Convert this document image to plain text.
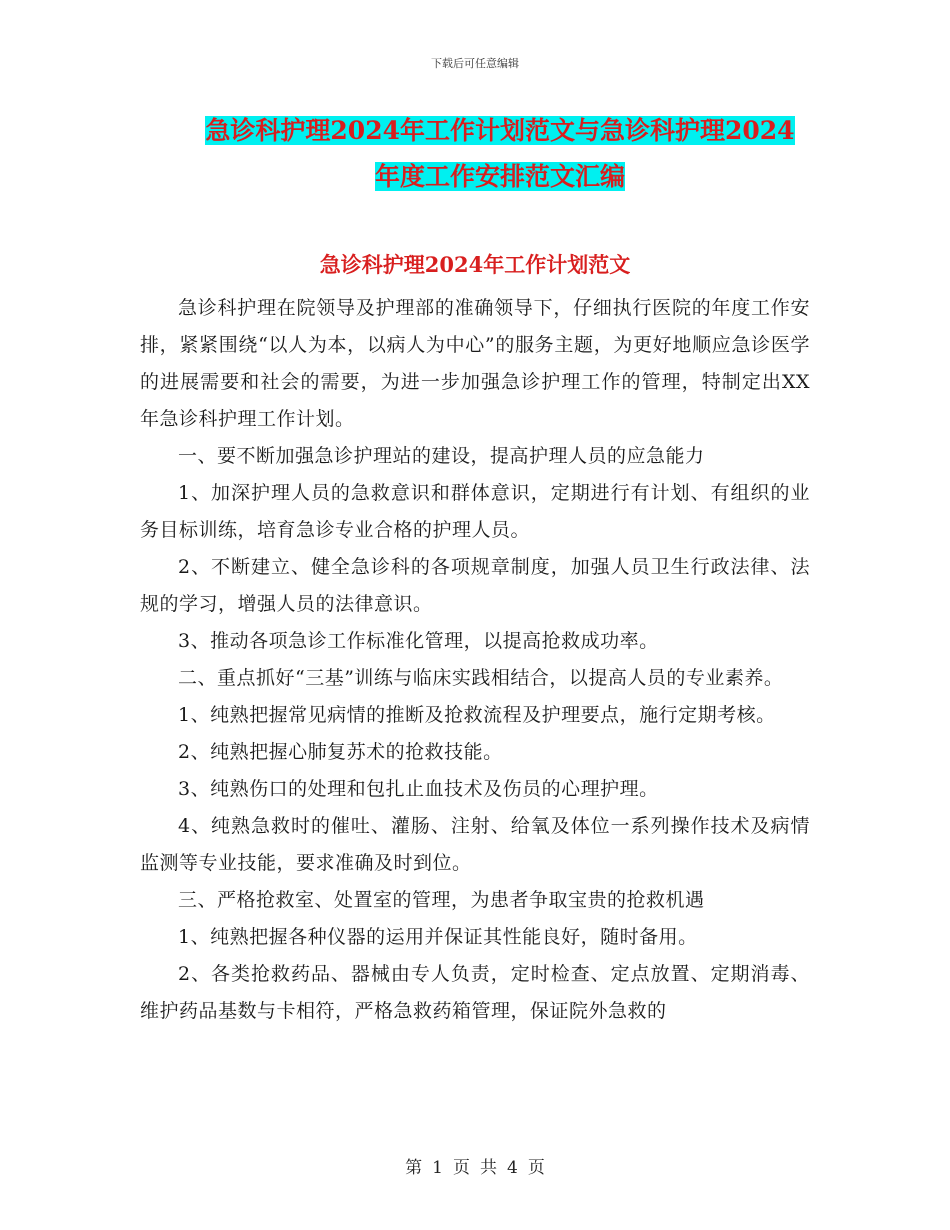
下载后可任意编辑
急诊科护理2024年工作计划范文与急诊科护理2024
年度工作安排范文汇编
急诊科护理2024年工作计划范文

急诊科护理在院领导及护理部的准确领导下，仔细执行医院的年度工作安排，紧紧围绕“以人为本，以病人为中心”的服务主题，为更好地顺应急诊医学的进展需要和社会的需要，为进一步加强急诊护理工作的管理，特制定出XX年急诊科护理工作计划。

一、要不断加强急诊护理站的建设，提高护理人员的应急能力

1、加深护理人员的急救意识和群体意识，定期进行有计划、有组织的业务目标训练，培育急诊专业合格的护理人员。

2、不断建立、健全急诊科的各项规章制度，加强人员卫生行政法律、法规的学习，增强人员的法律意识。

3、推动各项急诊工作标准化管理，以提高抢救成功率。

二、重点抓好“三基”训练与临床实践相结合，以提高人员的专业素养。

1、纯熟把握常见病情的推断及抢救流程及护理要点，施行定期考核。

2、纯熟把握心肺复苏术的抢救技能。

3、纯熟伤口的处理和包扎止血技术及伤员的心理护理。

4、纯熟急救时的催吐、灌肠、注射、给氧及体位一系列操作技术及病情监测等专业技能，要求准确及时到位。

三、严格抢救室、处置室的管理，为患者争取宝贵的抢救机遇

1、纯熟把握各种仪器的运用并保证其性能良好，随时备用。

2、各类抢救药品、器械由专人负责，定时检查、定点放置、定期消毒、维护药品基数与卡相符，严格急救药箱管理，保证院外急救的

第 1 页 共 4 页
